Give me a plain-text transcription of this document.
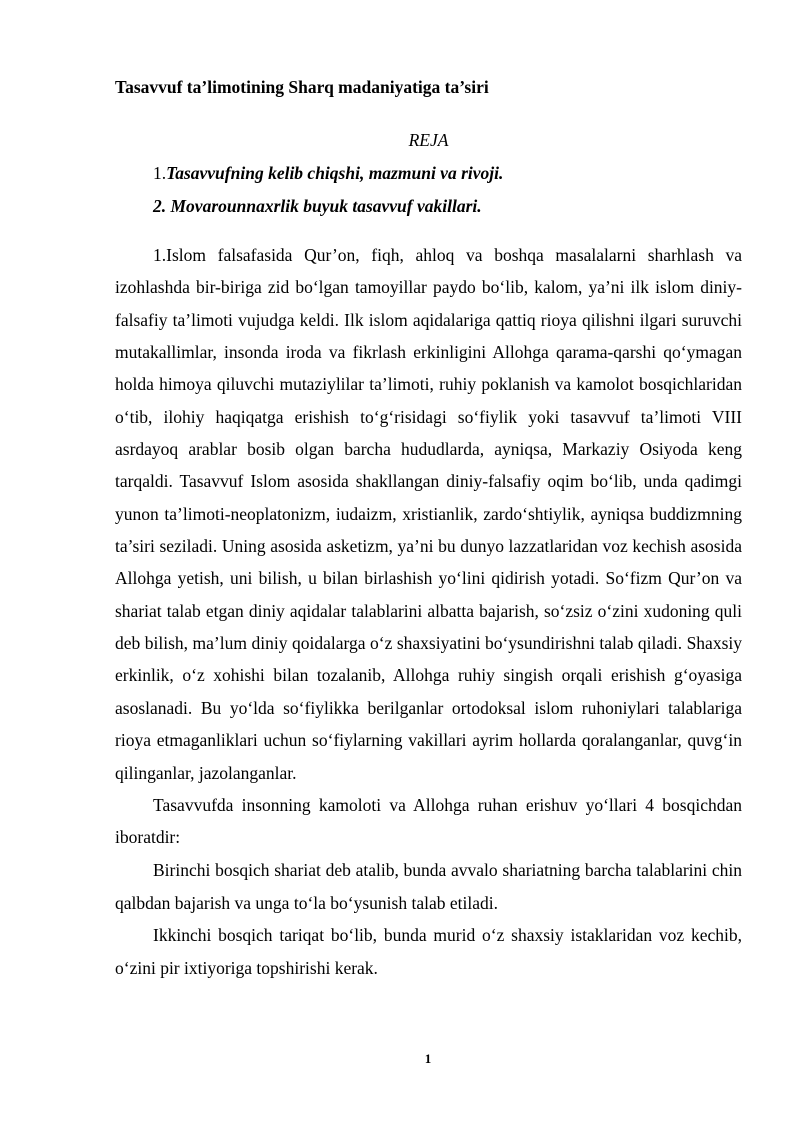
Tasavvuf ta’limotining Sharq madaniyatiga ta’siri
REJA
1.Tasavvufning kelib chiqshi, mazmuni va rivoji.
2. Movarounnaxrlik buyuk tasavvuf vakillari.

1.Islom falsafasida Qur’on, fiqh, ahloq va boshqa masalalarni sharhlash va izohlashda bir-biriga zid bo‘lgan tamoyillar paydo bo‘lib, kalom, ya’ni ilk islom diniy-falsafiy ta’limoti vujudga keldi. Ilk islom aqidalariga qattiq rioya qilishni ilgari suruvchi mutakallimlar, insonda iroda va fikrlash erkinligini Allohga qarama-qarshi qo‘ymagan holda himoya qiluvchi mutaziylilar ta’limoti, ruhiy poklanish va kamolot bosqichlaridan o‘tib, ilohiy haqiqatga erishish to‘g‘risidagi so‘fiylik yoki tasavvuf ta’limoti VIII asrdayoq arablar bosib olgan barcha hududlarda, ayniqsa, Markaziy Osiyoda keng tarqaldi. Tasavvuf Islom asosida shakllangan diniy-falsafiy oqim bo‘lib, unda qadimgi yunon ta’limoti-neoplatonizm, iudaizm, xristianlik, zardo‘shtiylik, ayniqsa buddizmning ta’siri seziladi. Uning asosida asketizm, ya’ni bu dunyo lazzatlaridan voz kechish asosida Allohga yetish, uni bilish, u bilan birlashish yo‘lini qidirish yotadi. So‘fizm Qur’on va shariat talab etgan diniy aqidalar talablarini albatta bajarish, so‘zsiz o‘zini xudoning quli deb bilish, ma’lum diniy qoidalarga o‘z shaxsiyatini bo‘ysundirishni talab qiladi. Shaxsiy erkinlik, o‘z xohishi bilan tozalanib, Allohga ruhiy singish orqali erishish g‘oyasiga asoslanadi. Bu yo‘lda so‘fiylikka berilganlar ortodoksal islom ruhoniylari talablariga rioya etmaganliklari uchun so‘fiylarning vakillari ayrim hollarda qoralanganlar, quvg‘in qilinganlar, jazolanganlar.

Tasavvufda insonning kamoloti va Allohga ruhan erishuv yo‘llari 4 bosqichdan iboratdir:

Birinchi bosqich shariat deb atalib, bunda avvalo shariatning barcha talablarini chin qalbdan bajarish va unga to‘la bo‘ysunish talab etiladi.

Ikkinchi bosqich tariqat bo‘lib, bunda murid o‘z shaxsiy istaklaridan voz kechib, o‘zini pir ixtiyoriga topshirishi kerak.

1
